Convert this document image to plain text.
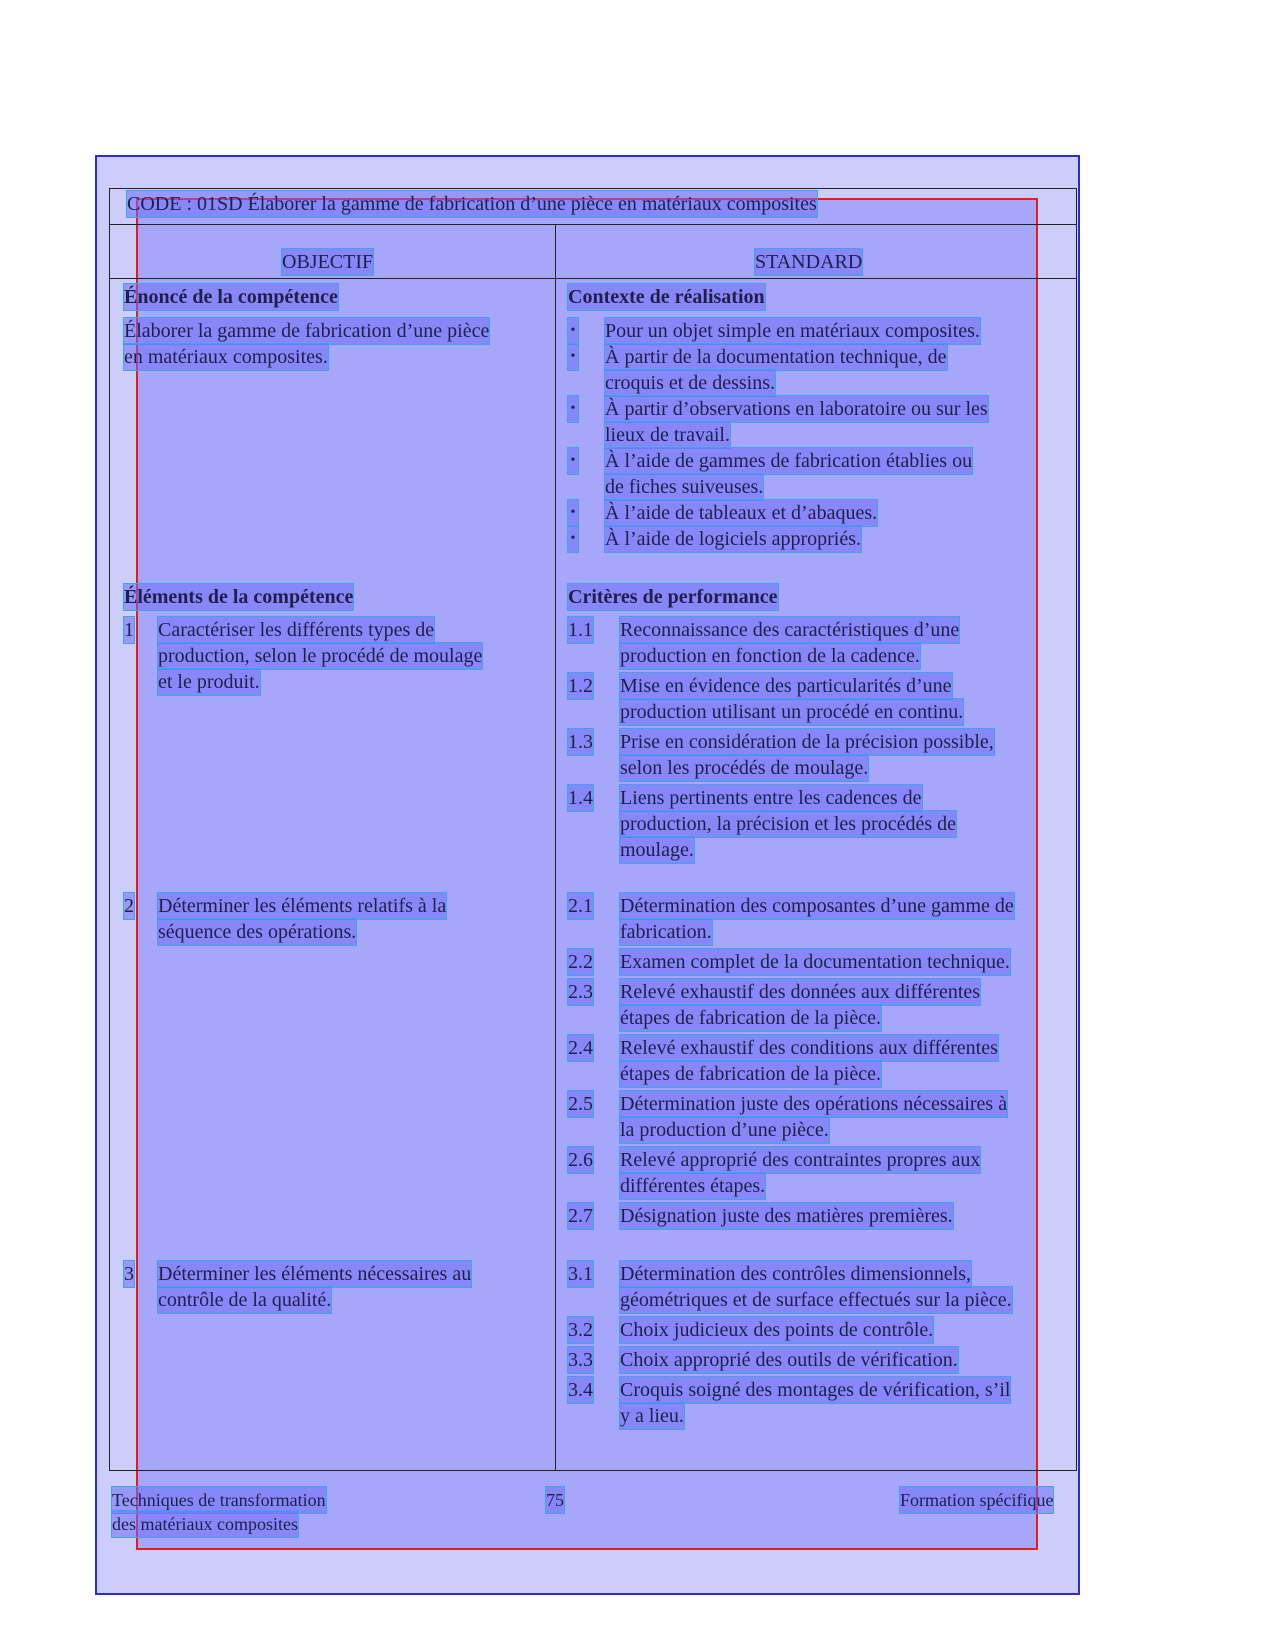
CODE : 01SD Élaborer la gamme de fabrication d’une pièce en matériaux composites
OBJECTIF	STANDARD
Énoncé de la compétence
Élaborer la gamme de fabrication d’une pièce
en matériaux composites.
Contexte de réalisation
• Pour un objet simple en matériaux composites.
• À partir de la documentation technique, de
croquis et de dessins.
• À partir d’observations en laboratoire ou sur les
lieux de travail.
• À l’aide de gammes de fabrication établies ou
de fiches suiveuses.
• À l’aide de tableaux et d’abaques.
• À l’aide de logiciels appropriés.
Éléments de la compétence
1 Caractériser les différents types de
production, selon le procédé de moulage
et le produit.
2 Déterminer les éléments relatifs à la
séquence des opérations.
3 Déterminer les éléments nécessaires au
contrôle de la qualité.
Critères de performance
1.1 Reconnaissance des caractéristiques d’une
production en fonction de la cadence.
1.2 Mise en évidence des particularités d’une
production utilisant un procédé en continu.
1.3 Prise en considération de la précision possible,
selon les procédés de moulage.
1.4 Liens pertinents entre les cadences de
production, la précision et les procédés de
moulage.
2.1 Détermination des composantes d’une gamme de
fabrication.
2.2 Examen complet de la documentation technique.
2.3 Relevé exhaustif des données aux différentes
étapes de fabrication de la pièce.
2.4 Relevé exhaustif des conditions aux différentes
étapes de fabrication de la pièce.
2.5 Détermination juste des opérations nécessaires à
la production d’une pièce.
2.6 Relevé approprié des contraintes propres aux
différentes étapes.
2.7 Désignation juste des matières premières.
3.1 Détermination des contrôles dimensionnels,
géométriques et de surface effectués sur la pièce.
3.2 Choix judicieux des points de contrôle.
3.3 Choix approprié des outils de vérification.
3.4 Croquis soigné des montages de vérification, s’il
y a lieu.
Techniques de transformation
des matériaux composites
75	Formation spécifique
